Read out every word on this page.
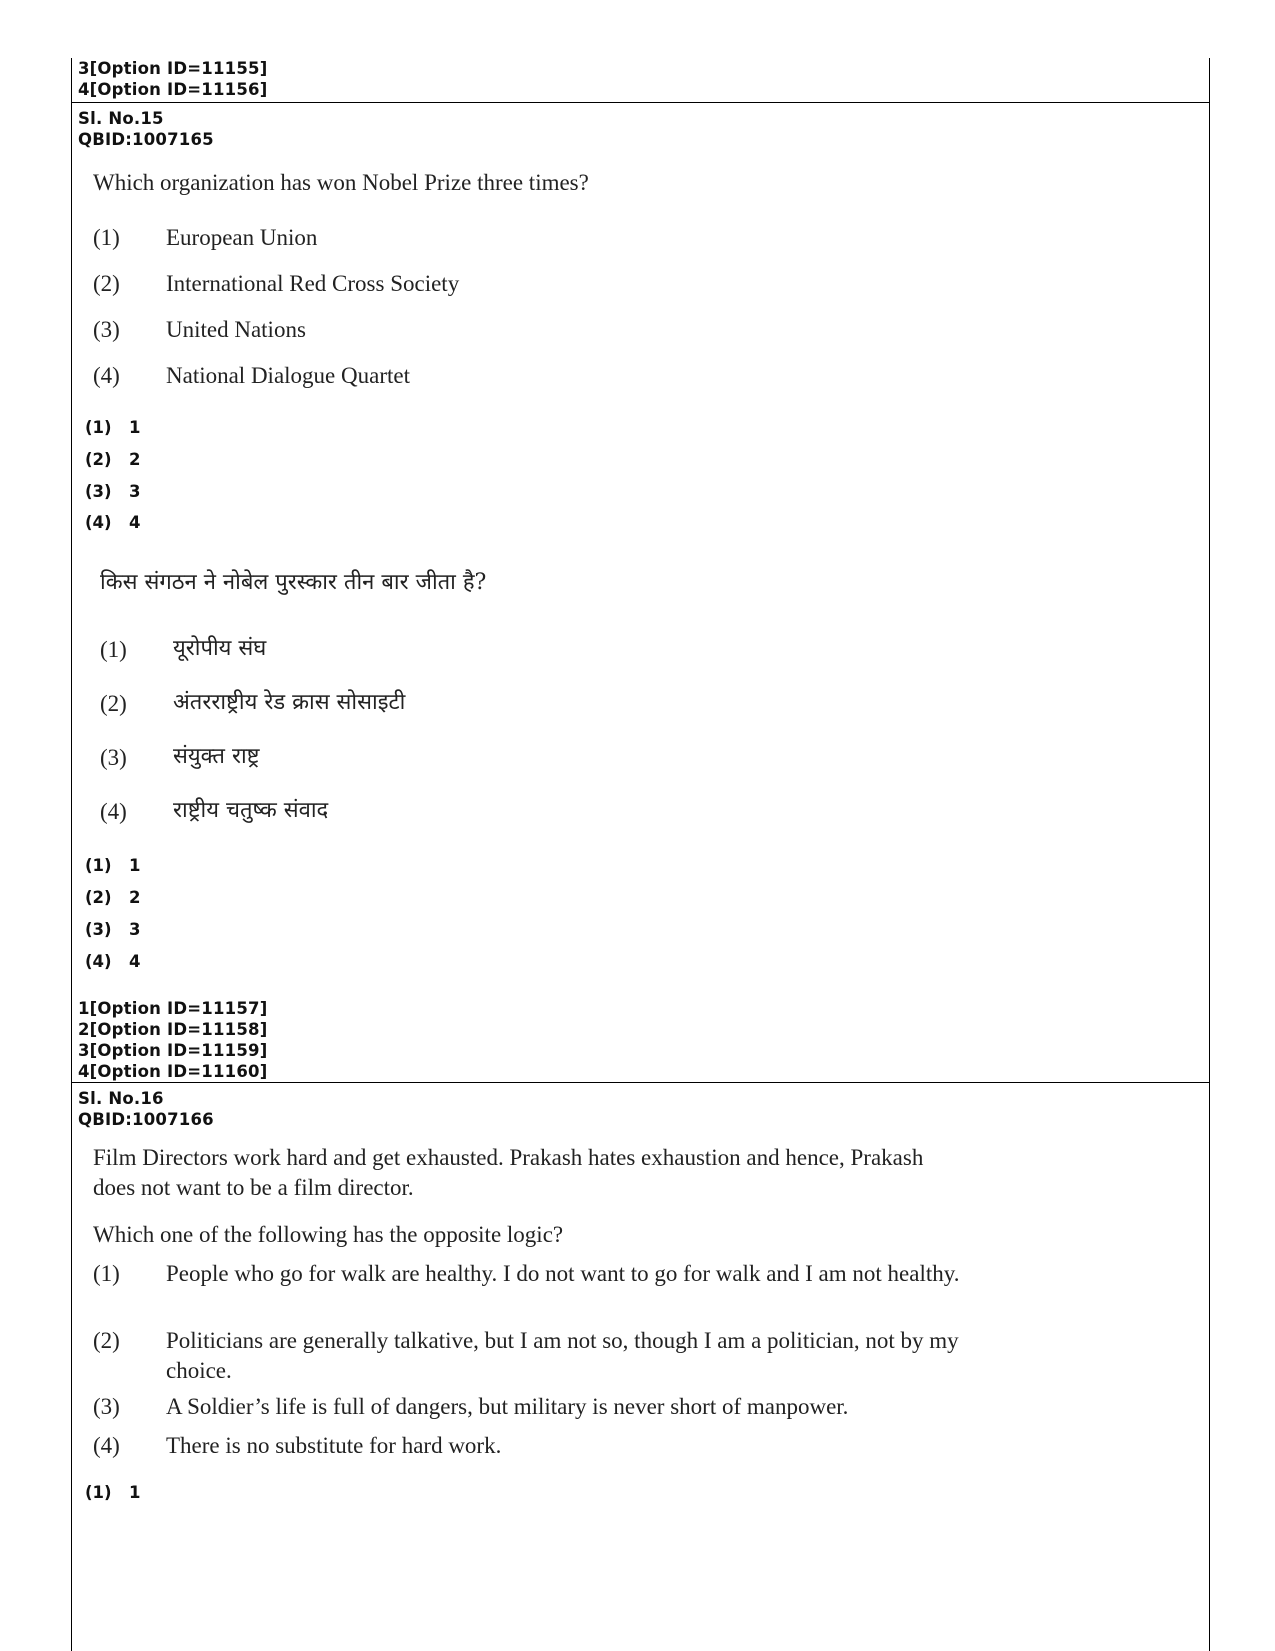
3[Option ID=11155]
4[Option ID=11156]
Sl. No.15
QBID:1007165
Which organization has won Nobel Prize three times?
(1) European Union
(2) International Red Cross Society
(3) United Nations
(4) National Dialogue Quartet
(1) 1
(2) 2
(3) 3
(4) 4
किस संगठन ने नोबेल पुरस्कार तीन बार जीता है?
(1) यूरोपीय संघ
(2) अंतरराष्ट्रीय रेड क्रास सोसाइटी
(3) संयुक्त राष्ट्र
(4) राष्ट्रीय चतुष्क संवाद
(1) 1
(2) 2
(3) 3
(4) 4
1[Option ID=11157]
2[Option ID=11158]
3[Option ID=11159]
4[Option ID=11160]
Sl. No.16
QBID:1007166
Film Directors work hard and get exhausted. Prakash hates exhaustion and hence, Prakash
does not want to be a film director.
Which one of the following has the opposite logic?
(1) People who go for walk are healthy. I do not want to go for walk and I am not healthy.
(2) Politicians are generally talkative, but I am not so, though I am a politician, not by my
choice.
(3) A Soldier’s life is full of dangers, but military is never short of manpower.
(4) There is no substitute for hard work.
(1) 1
